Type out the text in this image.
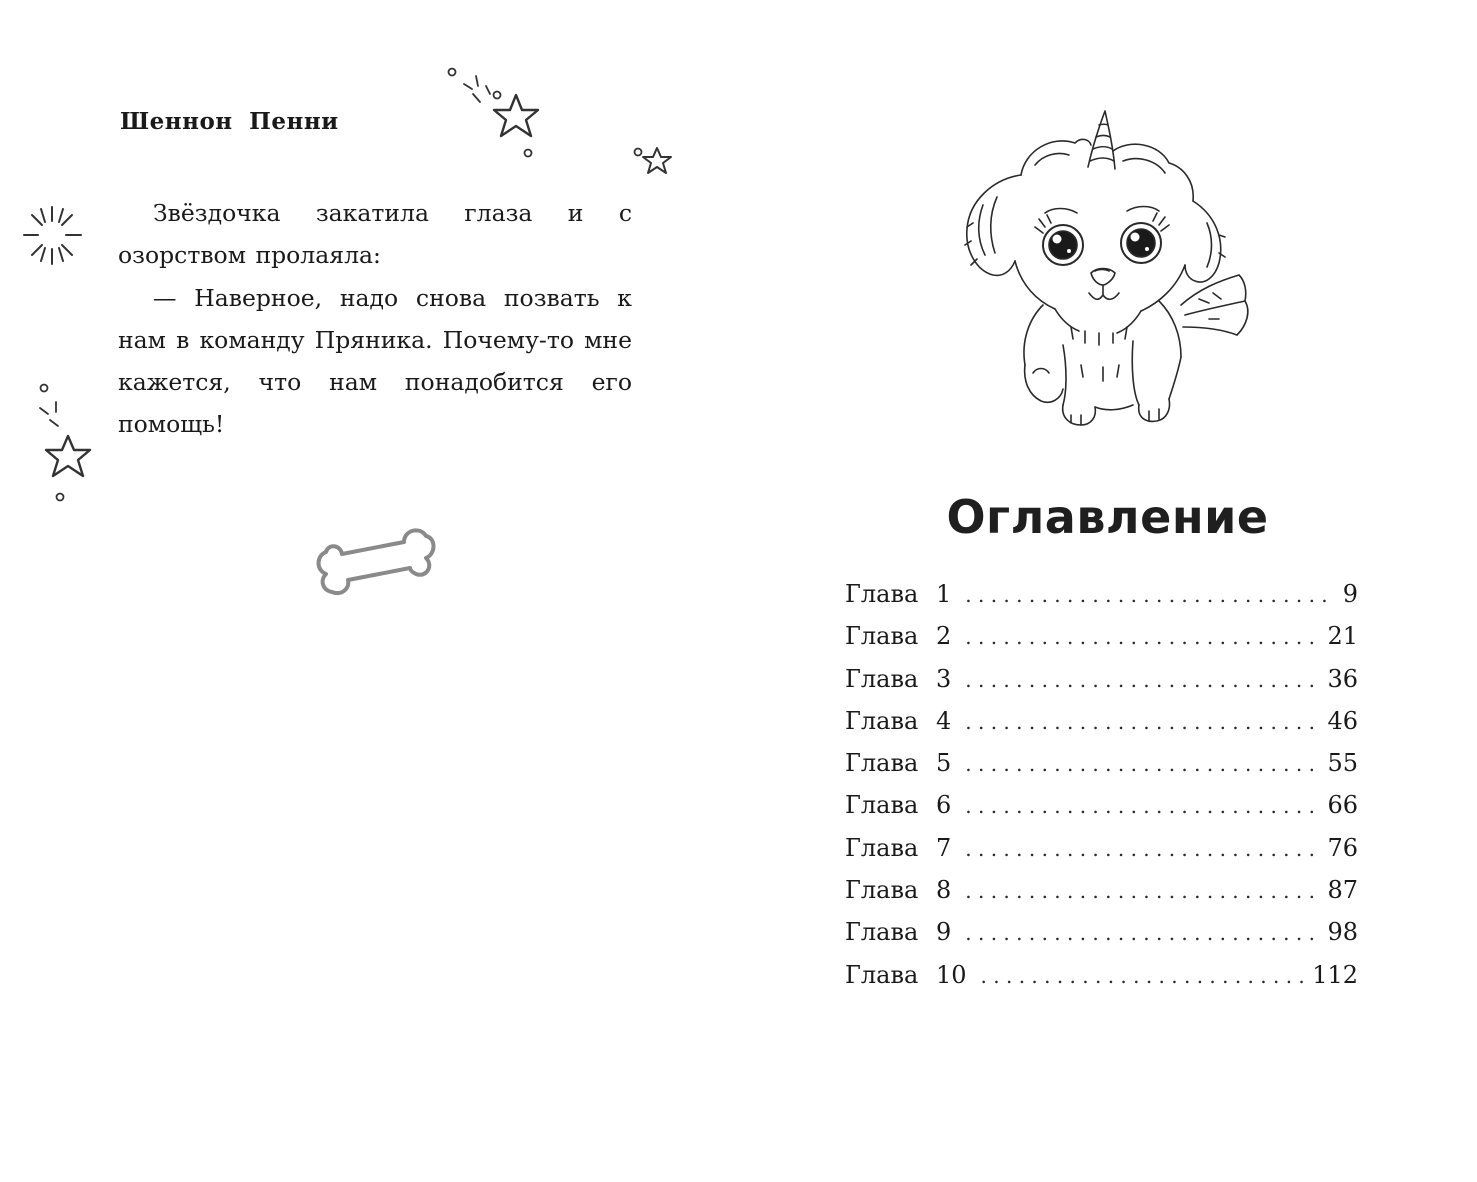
Шеннон Пенни

Звёздочка закатила глаза и с озорством пролаяла:

— Наверное, надо снова позвать к нам в команду Пряника. Почему-то мне кажется, что нам понадобится его помощь!

Оглавление
Глава 1 . . .	9
Глава 2 . . .	21
Глава 3 . . .	36
Глава 4 . . .	46
Глава 5 . . .	55
Глава 6 . . .	66
Глава 7 . . .	76
Глава 8 . . .	87
Глава 9 . . .	98
Глава 10 . . .	112
